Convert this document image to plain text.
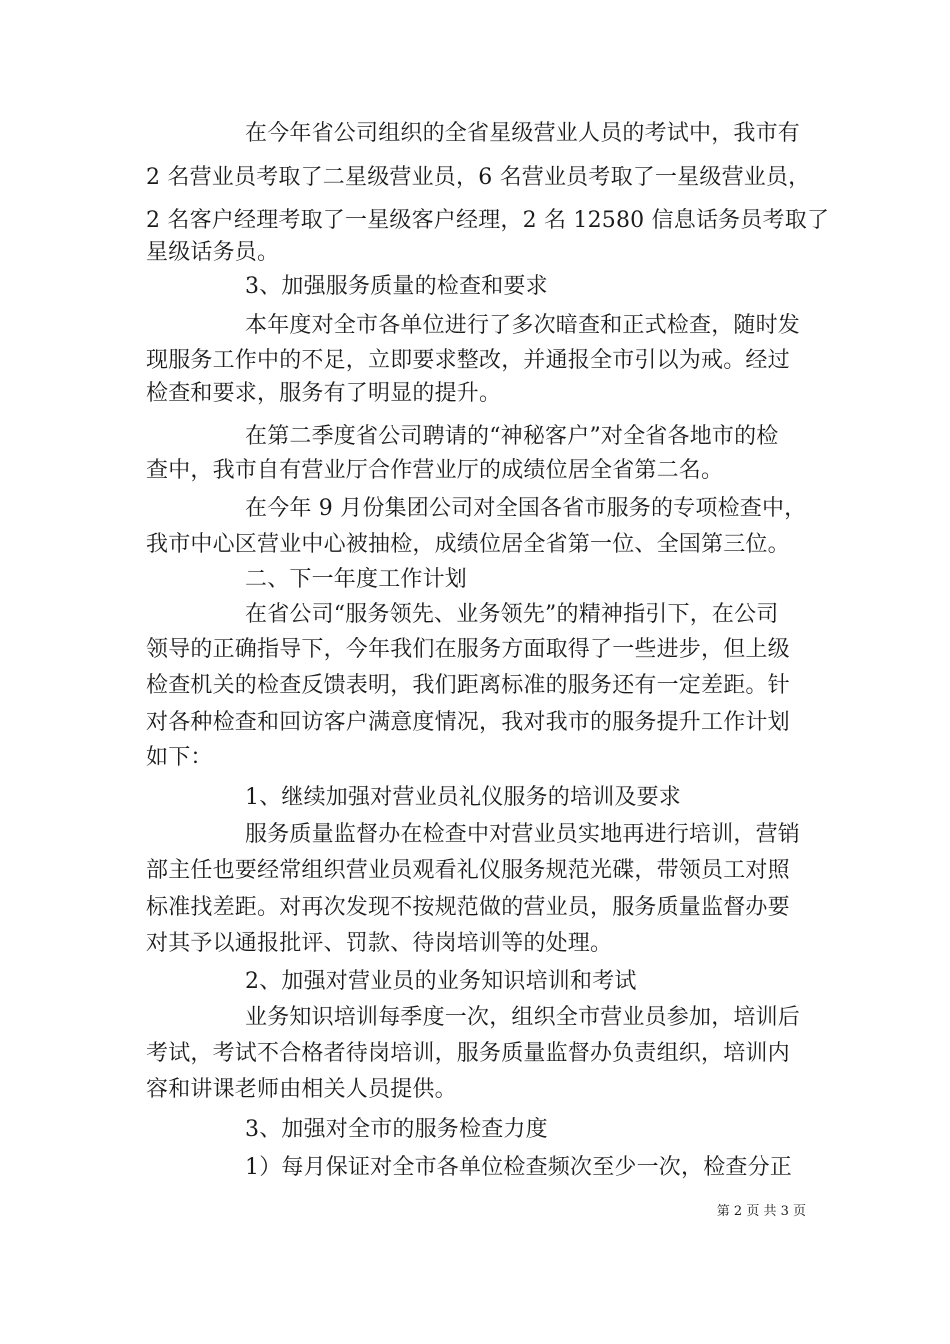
在今年省公司组织的全省星级营业人员的考试中，我市有
2 名营业员考取了二星级营业员，6 名营业员考取了一星级营业员，
2 名客户经理考取了一星级客户经理，2 名 12580 信息话务员考取了
星级话务员。
3、加强服务质量的检查和要求
本年度对全市各单位进行了多次暗查和正式检查，随时发
现服务工作中的不足，立即要求整改，并通报全市引以为戒。经过
检查和要求，服务有了明显的提升。
在第二季度省公司聘请的“神秘客户”对全省各地市的检
查中，我市自有营业厅合作营业厅的成绩位居全省第二名。
在今年 9 月份集团公司对全国各省市服务的专项检查中，
我市中心区营业中心被抽检，成绩位居全省第一位、全国第三位。
二、下一年度工作计划
在省公司“服务领先、业务领先”的精神指引下，在公司
领导的正确指导下，今年我们在服务方面取得了一些进步，但上级
检查机关的检查反馈表明，我们距离标准的服务还有一定差距。针
对各种检查和回访客户满意度情况，我对我市的服务提升工作计划
如下：
1、继续加强对营业员礼仪服务的培训及要求
服务质量监督办在检查中对营业员实地再进行培训，营销
部主任也要经常组织营业员观看礼仪服务规范光碟，带领员工对照
标准找差距。对再次发现不按规范做的营业员，服务质量监督办要
对其予以通报批评、罚款、待岗培训等的处理。
2、加强对营业员的业务知识培训和考试
业务知识培训每季度一次，组织全市营业员参加，培训后
考试，考试不合格者待岗培训，服务质量监督办负责组织，培训内
容和讲课老师由相关人员提供。
3、加强对全市的服务检查力度
1）每月保证对全市各单位检查频次至少一次，检查分正
第 2 页 共 3 页
